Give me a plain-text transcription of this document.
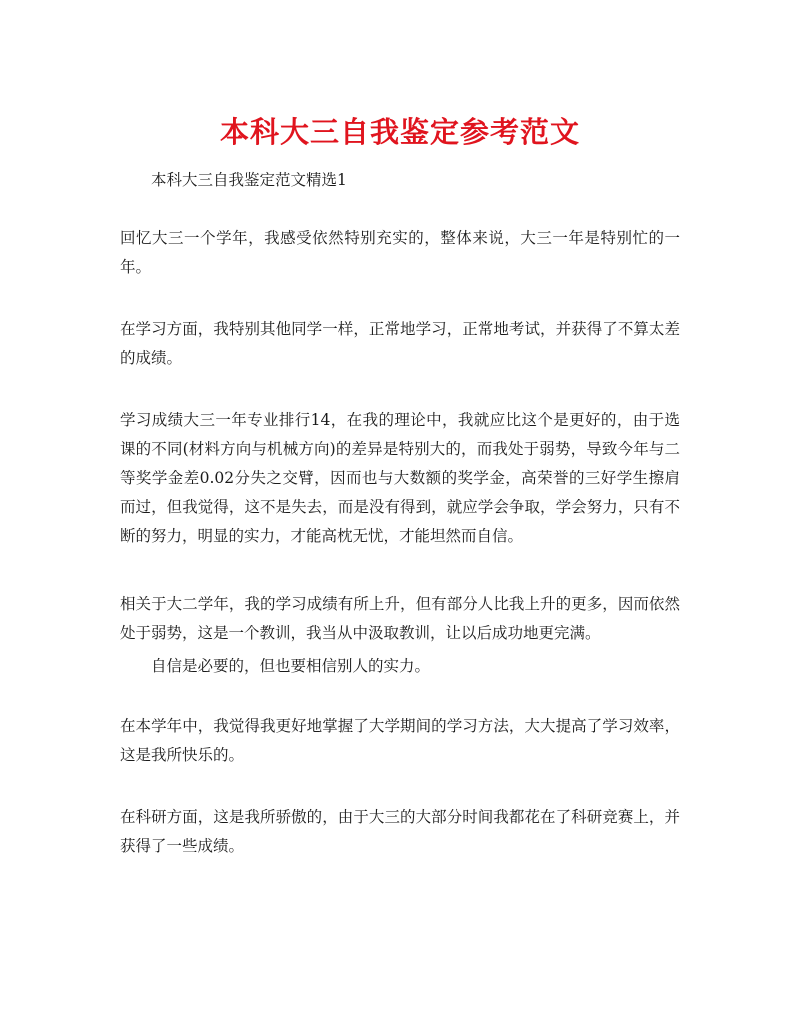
本科大三自我鉴定参考范文
本科大三自我鉴定范文精选1
回忆大三一个学年，我感受依然特别充实的，整体来说，大三一年是特别忙的一年。
在学习方面，我特别其他同学一样，正常地学习，正常地考试，并获得了不算太差的成绩。
学习成绩大三一年专业排行14，在我的理论中，我就应比这个是更好的，由于选课的不同(材料方向与机械方向)的差异是特别大的，而我处于弱势，导致今年与二等奖学金差0.02分失之交臂，因而也与大数额的奖学金，高荣誉的三好学生擦肩而过，但我觉得，这不是失去，而是没有得到，就应学会争取，学会努力，只有不断的努力，明显的实力，才能高枕无忧，才能坦然而自信。
相关于大二学年，我的学习成绩有所上升，但有部分人比我上升的更多，因而依然处于弱势，这是一个教训，我当从中汲取教训，让以后成功地更完满。
自信是必要的，但也要相信别人的实力。
在本学年中，我觉得我更好地掌握了大学期间的学习方法，大大提高了学习效率，这是我所快乐的。
在科研方面，这是我所骄傲的，由于大三的大部分时间我都花在了科研竞赛上，并获得了一些成绩。
